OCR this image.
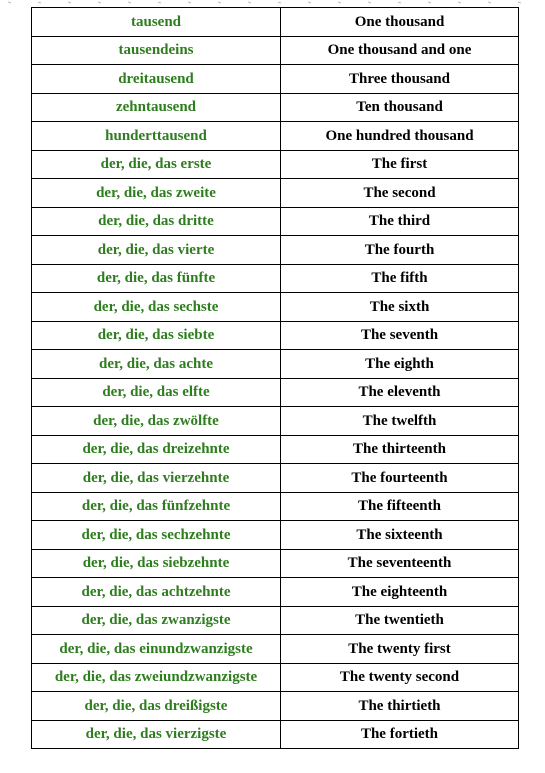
tausend	One thousand
tausendeins	One thousand and one
dreitausend	Three thousand
zehntausend	Ten thousand
hunderttausend	One hundred thousand
der, die, das erste	The first
der, die, das zweite	The second
der, die, das dritte	The third
der, die, das vierte	The fourth
der, die, das fünfte	The fifth
der, die, das sechste	The sixth
der, die, das siebte	The seventh
der, die, das achte	The eighth
der, die, das elfte	The eleventh
der, die, das zwölfte	The twelfth
der, die, das dreizehnte	The thirteenth
der, die, das vierzehnte	The fourteenth
der, die, das fünfzehnte	The fifteenth
der, die, das sechzehnte	The sixteenth
der, die, das siebzehnte	The seventeenth
der, die, das achtzehnte	The eighteenth
der, die, das zwanzigste	The twentieth
der, die, das einundzwanzigste	The twenty first
der, die, das zweiundzwanzigste	The twenty second
der, die, das dreißigste	The thirtieth
der, die, das vierzigste	The fortieth
